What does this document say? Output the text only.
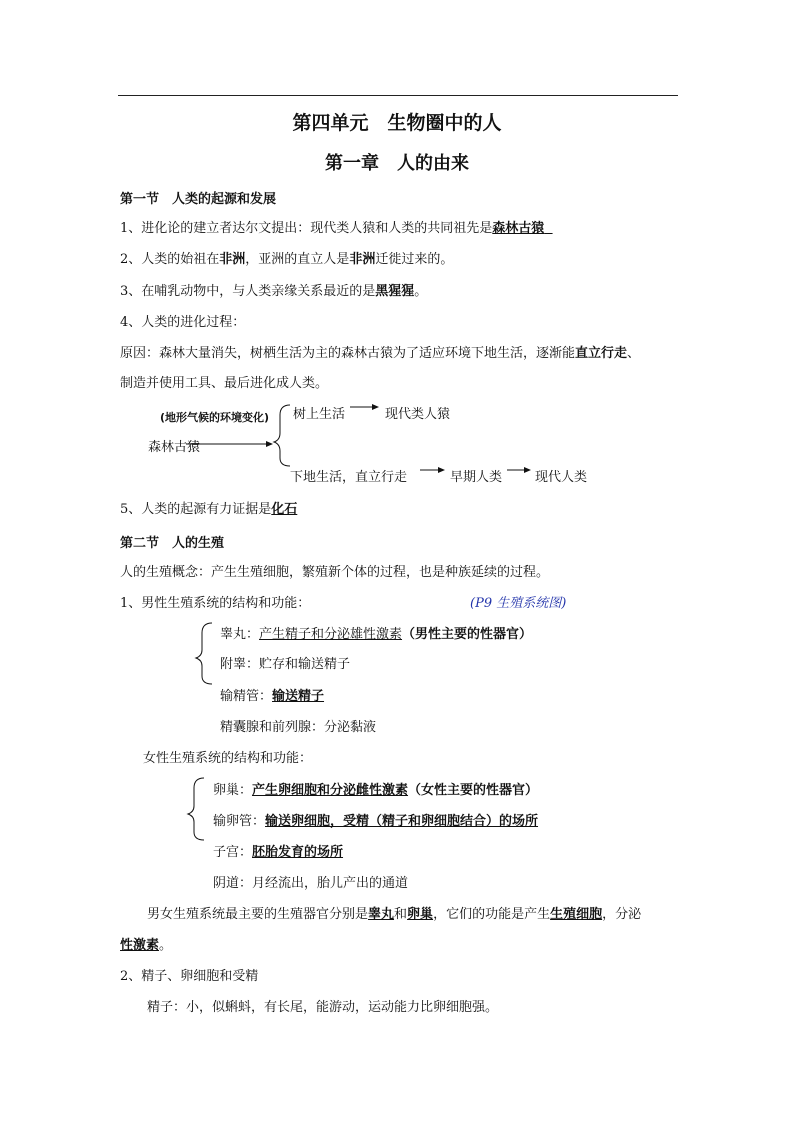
第四单元　生物圈中的人
第一章　人的由来
第一节　人类的起源和发展
1、进化论的建立者达尔文提出：现代类人猿和人类的共同祖先是森林古猿
2、人类的始祖在非洲，亚洲的直立人是非洲迁徙过来的。
3、在哺乳动物中，与人类亲缘关系最近的是黑猩猩。
4、人类的进化过程：
原因：森林大量消失，树栖生活为主的森林古猿为了适应环境下地生活，逐渐能直立行走、
制造并使用工具、最后进化成人类。
(地形气候的环境变化)
森林古猿
树上生活	现代类人猿
下地生活，直立行走	早期人类	现代人类
5、人类的起源有力证据是化石
第二节　人的生殖
人的生殖概念：产生生殖细胞，繁殖新个体的过程，也是种族延续的过程。
1、男性生殖系统的结构和功能：	(P9 生殖系统图)
睾丸：产生精子和分泌雄性激素（男性主要的性器官）
附睾：贮存和输送精子
输精管：输送精子
精囊腺和前列腺：分泌黏液
女性生殖系统的结构和功能：
卵巢：产生卵细胞和分泌雌性激素（女性主要的性器官）
输卵管：输送卵细胞，受精（精子和卵细胞结合）的场所
子宫：胚胎发育的场所
阴道：月经流出，胎儿产出的通道
男女生殖系统最主要的生殖器官分别是睾丸和卵巢，它们的功能是产生生殖细胞，分泌
性激素。
2、精子、卵细胞和受精
精子：小，似蝌蚪，有长尾，能游动，运动能力比卵细胞强。
